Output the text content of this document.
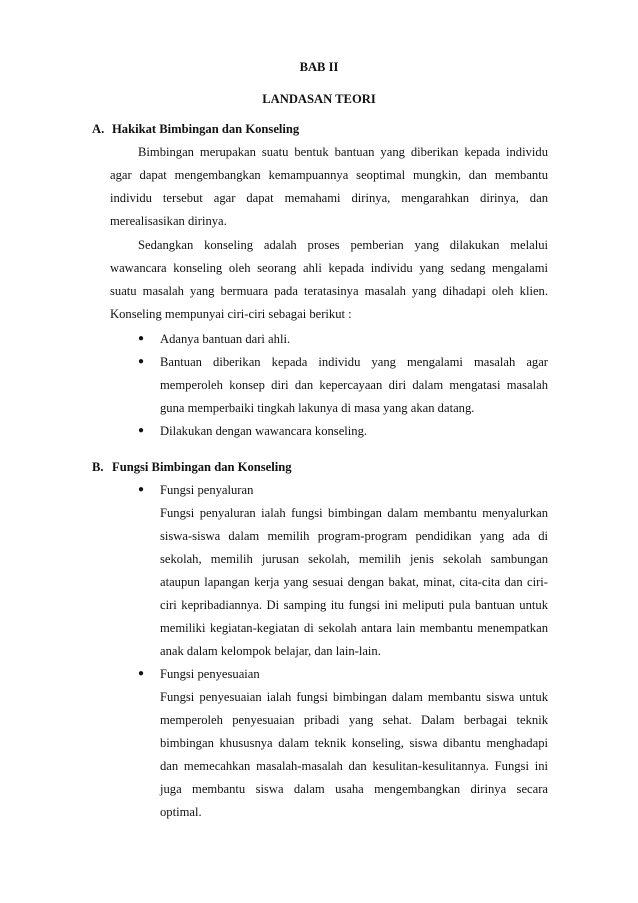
BAB II
LANDASAN TEORI
A. Hakikat Bimbingan dan Konseling
Bimbingan merupakan suatu bentuk bantuan yang diberikan kepada individu
agar dapat mengembangkan kemampuannya seoptimal mungkin, dan membantu
individu tersebut agar dapat memahami dirinya, mengarahkan dirinya, dan
merealisasikan dirinya.
Sedangkan konseling adalah proses pemberian yang dilakukan melalui
wawancara konseling oleh seorang ahli kepada individu yang sedang mengalami
suatu masalah yang bermuara pada teratasinya masalah yang dihadapi oleh klien.
Konseling mempunyai ciri-ciri sebagai berikut :
● Adanya bantuan dari ahli.
● Bantuan diberikan kepada individu yang mengalami masalah agar
memperoleh konsep diri dan kepercayaan diri dalam mengatasi masalah
guna memperbaiki tingkah lakunya di masa yang akan datang.
● Dilakukan dengan wawancara konseling.
B. Fungsi Bimbingan dan Konseling
● Fungsi penyaluran
Fungsi penyaluran ialah fungsi bimbingan dalam membantu menyalurkan
siswa-siswa dalam memilih program-program pendidikan yang ada di
sekolah, memilih jurusan sekolah, memilih jenis sekolah sambungan
ataupun lapangan kerja yang sesuai dengan bakat, minat, cita-cita dan ciri-
ciri kepribadiannya. Di samping itu fungsi ini meliputi pula bantuan untuk
memiliki kegiatan-kegiatan di sekolah antara lain membantu menempatkan
anak dalam kelompok belajar, dan lain-lain.
● Fungsi penyesuaian
Fungsi penyesuaian ialah fungsi bimbingan dalam membantu siswa untuk
memperoleh penyesuaian pribadi yang sehat. Dalam berbagai teknik
bimbingan khususnya dalam teknik konseling, siswa dibantu menghadapi
dan memecahkan masalah-masalah dan kesulitan-kesulitannya. Fungsi ini
juga membantu siswa dalam usaha mengembangkan dirinya secara
optimal.
